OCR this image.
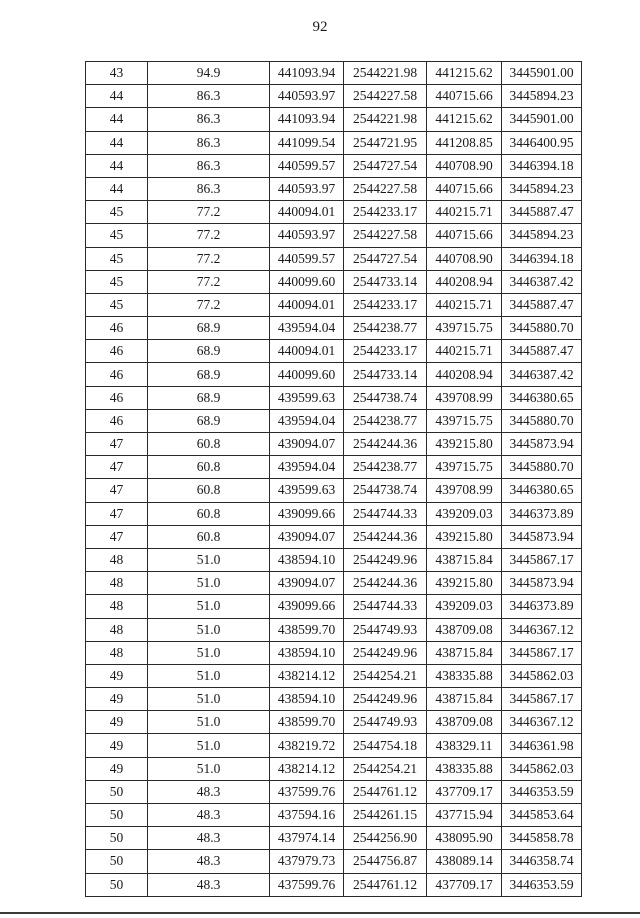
92
43	94.9	441093.94	2544221.98	441215.62	3445901.00
44	86.3	440593.97	2544227.58	440715.66	3445894.23
44	86.3	441093.94	2544221.98	441215.62	3445901.00
44	86.3	441099.54	2544721.95	441208.85	3446400.95
44	86.3	440599.57	2544727.54	440708.90	3446394.18
44	86.3	440593.97	2544227.58	440715.66	3445894.23
45	77.2	440094.01	2544233.17	440215.71	3445887.47
45	77.2	440593.97	2544227.58	440715.66	3445894.23
45	77.2	440599.57	2544727.54	440708.90	3446394.18
45	77.2	440099.60	2544733.14	440208.94	3446387.42
45	77.2	440094.01	2544233.17	440215.71	3445887.47
46	68.9	439594.04	2544238.77	439715.75	3445880.70
46	68.9	440094.01	2544233.17	440215.71	3445887.47
46	68.9	440099.60	2544733.14	440208.94	3446387.42
46	68.9	439599.63	2544738.74	439708.99	3446380.65
46	68.9	439594.04	2544238.77	439715.75	3445880.70
47	60.8	439094.07	2544244.36	439215.80	3445873.94
47	60.8	439594.04	2544238.77	439715.75	3445880.70
47	60.8	439599.63	2544738.74	439708.99	3446380.65
47	60.8	439099.66	2544744.33	439209.03	3446373.89
47	60.8	439094.07	2544244.36	439215.80	3445873.94
48	51.0	438594.10	2544249.96	438715.84	3445867.17
48	51.0	439094.07	2544244.36	439215.80	3445873.94
48	51.0	439099.66	2544744.33	439209.03	3446373.89
48	51.0	438599.70	2544749.93	438709.08	3446367.12
48	51.0	438594.10	2544249.96	438715.84	3445867.17
49	51.0	438214.12	2544254.21	438335.88	3445862.03
49	51.0	438594.10	2544249.96	438715.84	3445867.17
49	51.0	438599.70	2544749.93	438709.08	3446367.12
49	51.0	438219.72	2544754.18	438329.11	3446361.98
49	51.0	438214.12	2544254.21	438335.88	3445862.03
50	48.3	437599.76	2544761.12	437709.17	3446353.59
50	48.3	437594.16	2544261.15	437715.94	3445853.64
50	48.3	437974.14	2544256.90	438095.90	3445858.78
50	48.3	437979.73	2544756.87	438089.14	3446358.74
50	48.3	437599.76	2544761.12	437709.17	3446353.59
